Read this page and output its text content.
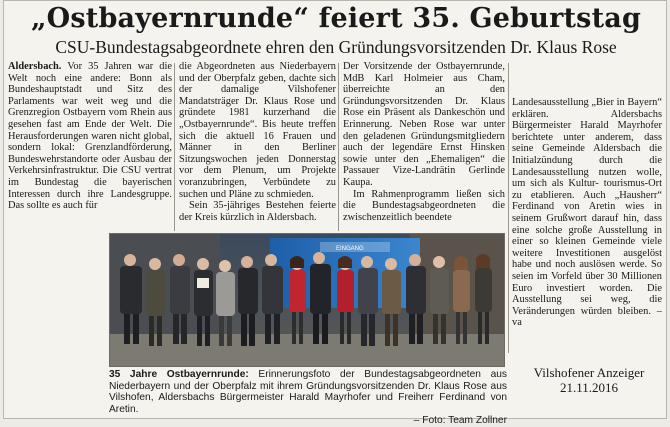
„Ostbayernrunde“ feiert 35. Geburtstag
CSU-Bundestagsabgeordnete ehren den Gründungsvorsitzenden Dr. Klaus Rose

Aldersbach. Vor 35 Jahren war die Welt noch eine andere: Bonn als Bundeshauptstadt und Sitz des Parlaments war weit weg und die Grenzregion Ostbayern vom Rhein aus gesehen fast am Ende der Welt. Die Herausforderungen waren nicht global, sondern lokal: Grenzlandförderung, Bundeswehrstandorte oder Ausbau der Verkehrsinfrastruktur. Die CSU vertrat im Bundestag die bayerischen Interessen durch ihre Landesgruppe. Das sollte es auch für

die Abgeordneten aus Niederbayern und der Oberpfalz geben, dachte sich der damalige Vilshofener Mandatsträger Dr. Klaus Rose und gründete 1981 kurzerhand die „Ostbayernrunde“. Bis heute treffen sich die aktuell 16 Frauen und Männer in den Berliner Sitzungswochen jeden Donnerstag vor dem Plenum, um Projekte voranzubringen, Verbündete zu suchen und Pläne zu schmieden.

Sein 35-jähriges Bestehen feierte der Kreis kürzlich in Aldersbach.

Der Vorsitzende der Ostbayernrunde, MdB Karl Holmeier aus Cham, überreichte an den Gründungsvorsitzenden Dr. Klaus Rose ein Präsent als Dankeschön und Erinnerung. Neben Rose war unter den geladenen Gründungsmitgliedern auch der legendäre Ernst Hinsken sowie unter den „Ehemaligen“ die Passauer Vize-Landrätin Gerlinde Kaupa.

Im Rahmenprogramm ließen sich die Bundestagsabgeordneten die zwischenzeitlich beendete

Landesausstellung „Bier in Bayern“ erklären. Aldersbachs Bürgermeister Harald Mayrhofer berichtete unter anderem, dass seine Gemeinde Aldersbach die Initialzündung durch die Landesausstellung nutzen wolle, um sich als Kultur- tourismus-Ort zu etablieren. Auch „Hausherr“ Ferdinand von Aretin wies in seinem Grußwort darauf hin, dass eine solche große Ausstellung in einer so kleinen Gemeinde viele weitere Investitionen ausgelöst habe und noch auslösen werde. So seien im Vorfeld über 30 Millionen Euro investiert worden. Die Ausstellung sei weg, die Veränderungen würden bleiben. – va

EINGANG
35 Jahre Ostbayernrunde: Erinnerungsfoto der Bundestagsabgeordneten aus Niederbayern und der Oberpfalz mit ihrem Gründungsvorsitzenden Dr. Klaus Rose aus Vilshofen, Aldersbachs Bürgermeister Harald Mayrhofer und Freiherr Ferdinand von Aretin.
– Foto: Team Zollner
Vilshofener Anzeiger
21.11.2016
